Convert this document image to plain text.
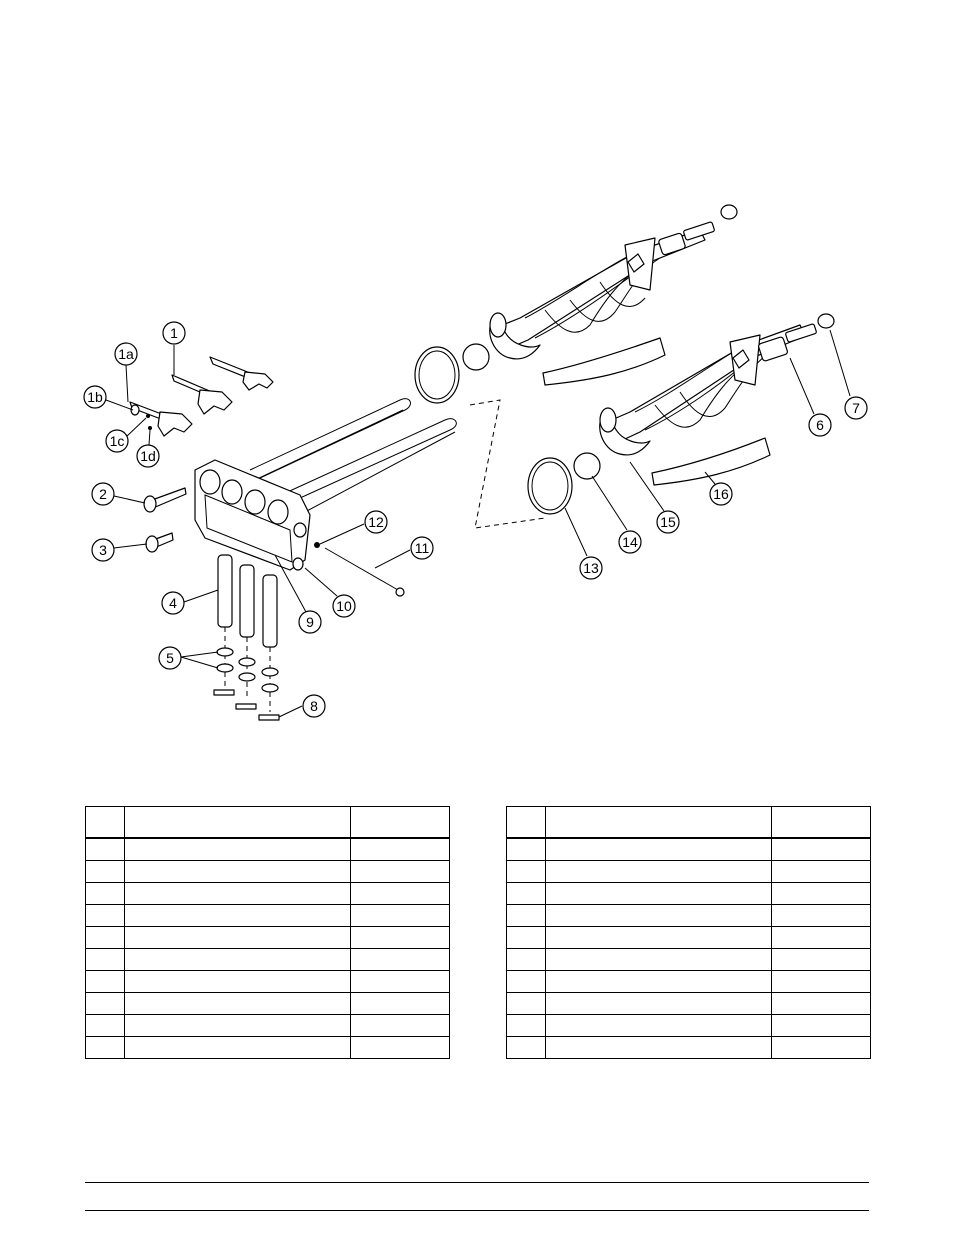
1
1a
1b
1c
1d
2
3
4
5
6
7
8
9
10
11
12
13
14
15
16
